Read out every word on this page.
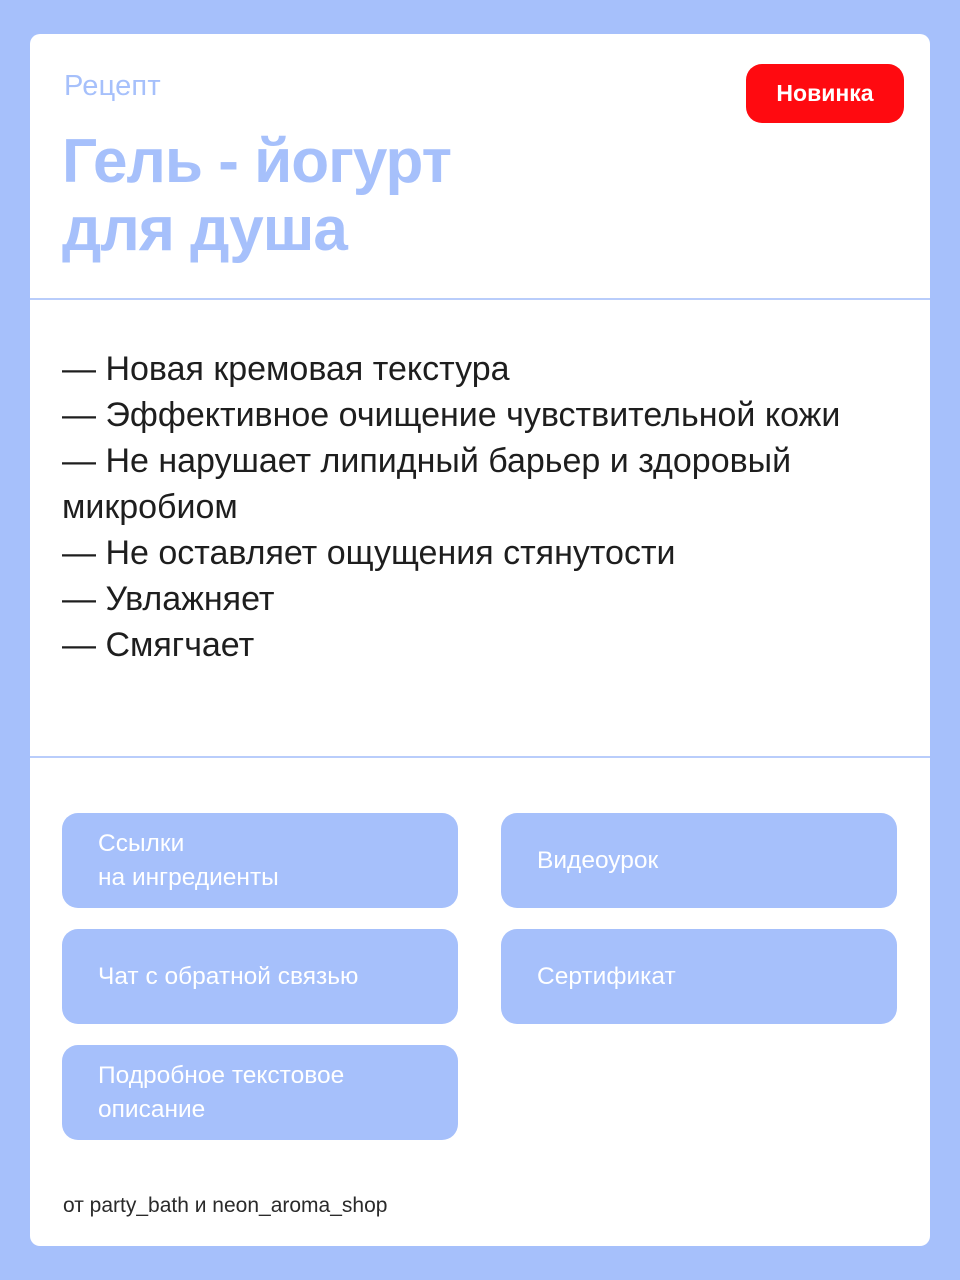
Рецепт
Гель - йогурт
для душа
Новинка
— Новая кремовая текстура
— Эффективное очищение чувствительной кожи
— Не нарушает липидный барьер и здоровый микробиом
— Не оставляет ощущения стянутости
— Увлажняет
— Смягчает
Ссылки
на ингредиенты
Видеоурок
Чат с обратной связью	Сертификат
Подробное текстовое
описание
от party_bath и neon_aroma_shop
